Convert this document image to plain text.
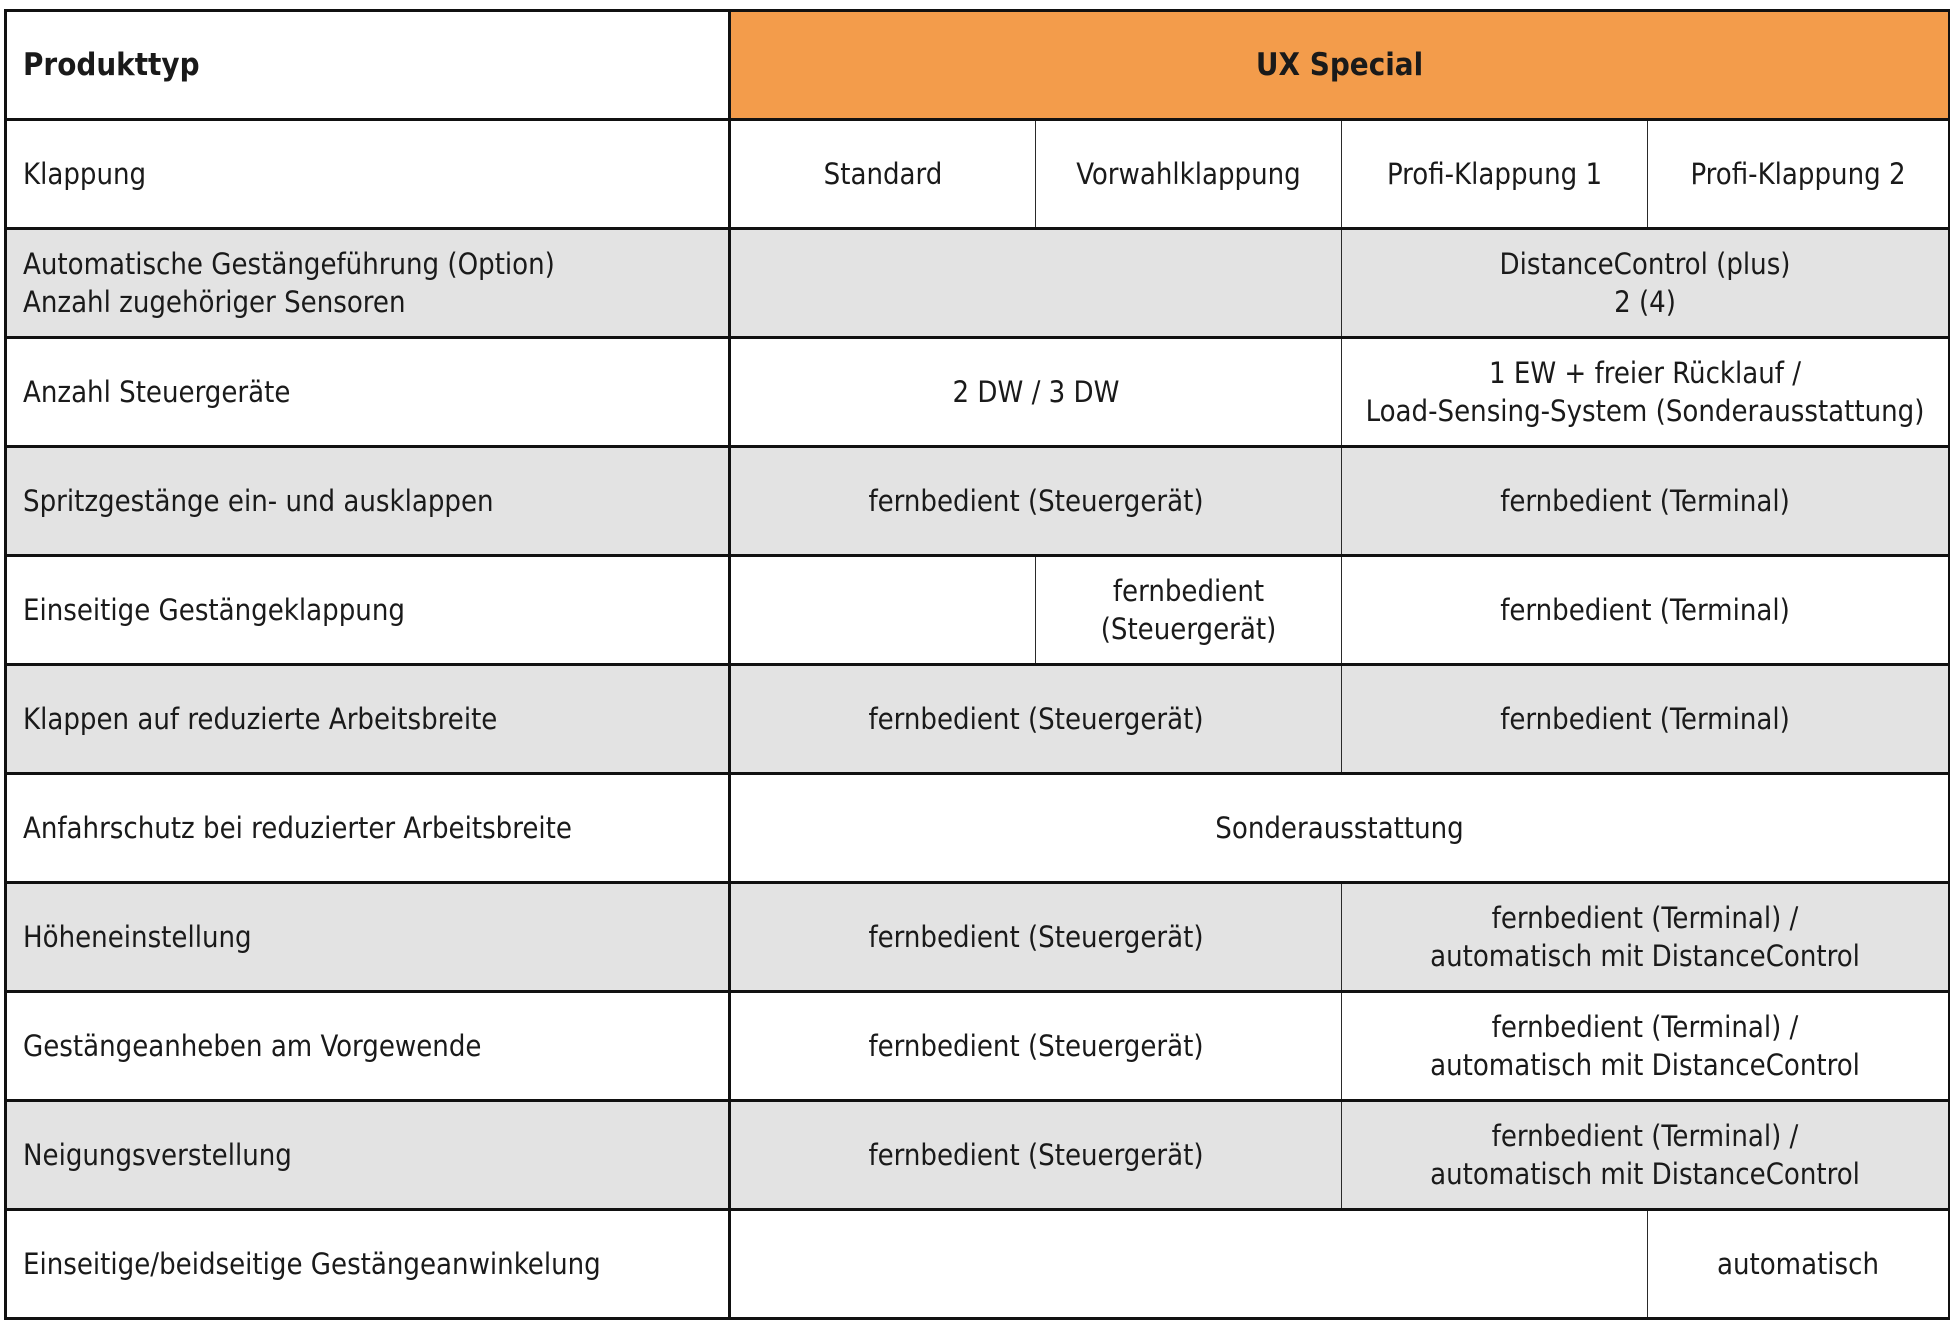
Produkttyp	UX Special			
Klappung	Standard	Vorwahlklappung	Profi-Klappung 1	Profi-Klappung 2

Automatische Gestängeführung (Option)
Anzahl zugehöriger Sensoren			DistanceControl (plus)
2 (4)	

Anzahl Steuergeräte	2 DW / 3 DW		1 EW + freier Rücklauf /
Load-Sensing-System (Sonderausstattung)	

Spritzgestänge ein- und ausklappen	fernbedient (Steuergerät)		fernbedient (Terminal)	
Einseitige Gestängeklappung		fernbedient
(Steuergerät)	fernbedient (Terminal)	
Klappen auf reduzierte Arbeitsbreite	fernbedient (Steuergerät)		fernbedient (Terminal)	
Anfahrschutz bei reduzierter Arbeitsbreite	Sonderausstattung			
Höheneinstellung	fernbedient (Steuergerät)		fernbedient (Terminal) /
automatisch mit DistanceControl	

Gestängeanheben am Vorgewende	fernbedient (Steuergerät)		fernbedient (Terminal) /
automatisch mit DistanceControl	

Neigungsverstellung	fernbedient (Steuergerät)		fernbedient (Terminal) /
automatisch mit DistanceControl	

Einseitige/beidseitige Gestängeanwinkelung				automatisch
